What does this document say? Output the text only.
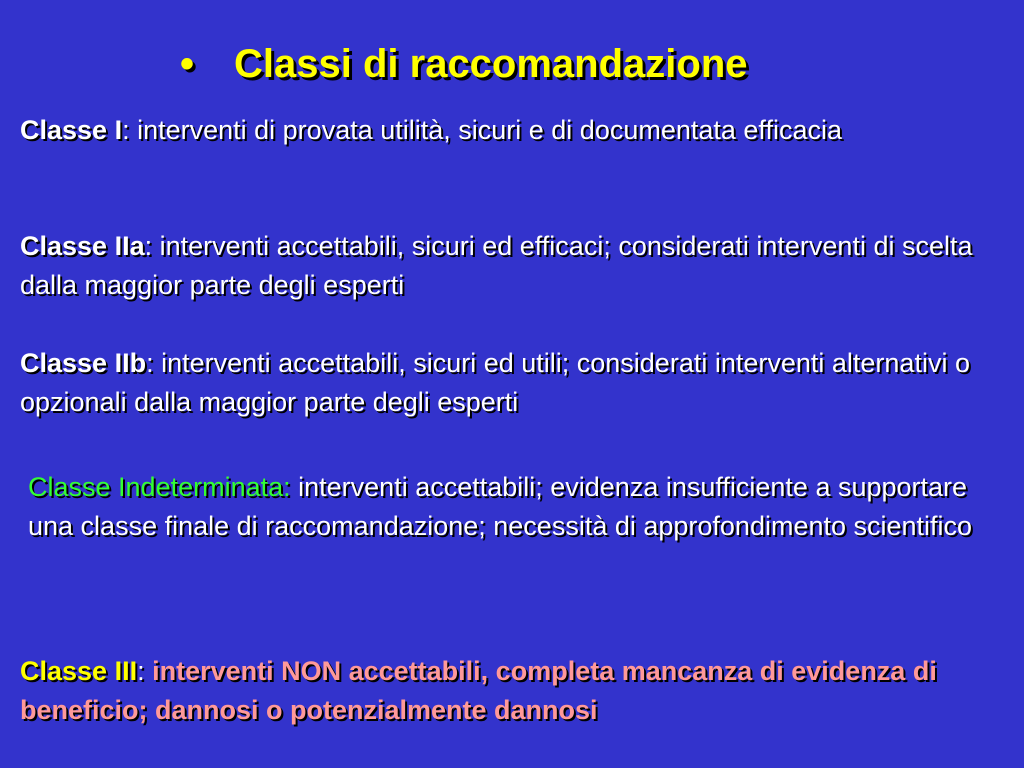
• Classi di raccomandazione
Classe I: interventi di provata utilità, sicuri e di documentata efficacia
Classe IIa: interventi accettabili, sicuri ed efficaci; considerati interventi di scelta dalla maggior parte degli esperti
Classe IIb: interventi accettabili, sicuri ed utili; considerati interventi alternativi o opzionali dalla maggior parte degli esperti
Classe Indeterminata: interventi accettabili; evidenza insufficiente a supportare una classe finale di raccomandazione; necessità di approfondimento scientifico
Classe III: interventi NON accettabili, completa mancanza di evidenza di beneficio; dannosi o potenzialmente dannosi
